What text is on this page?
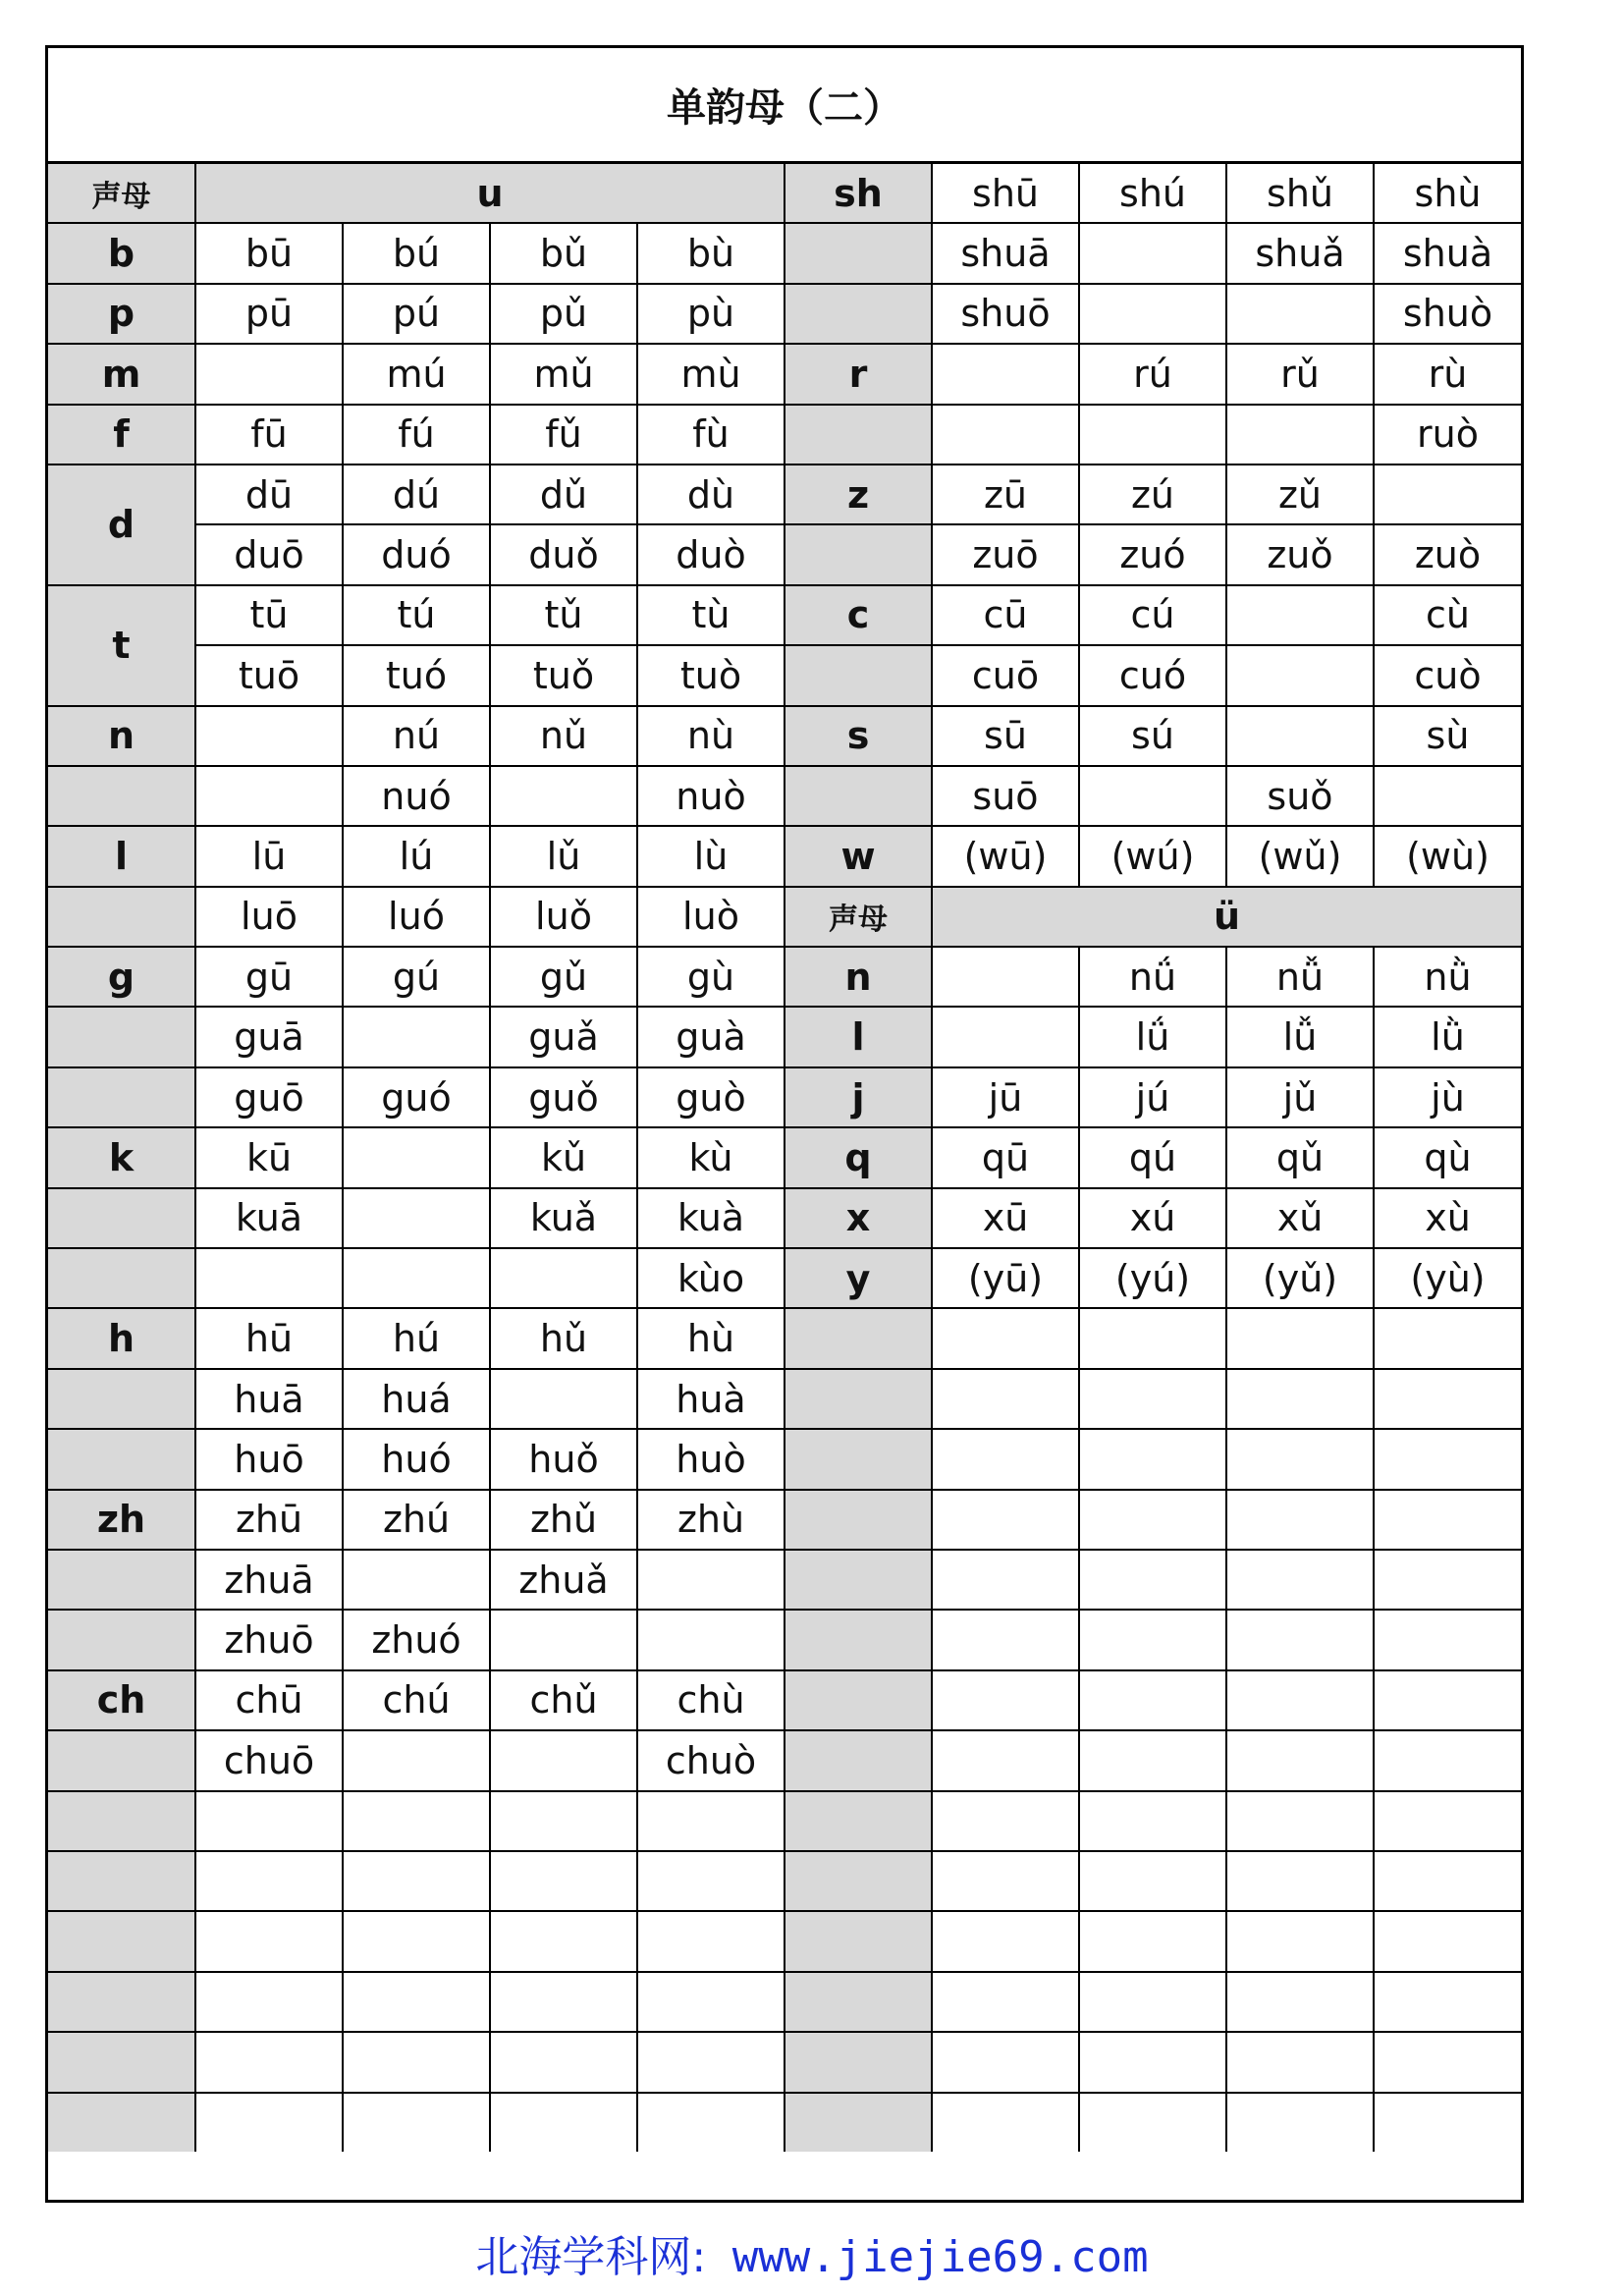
单韵母（二）
声母	u				sh	shū	shú	shǔ	shù
b	bū	bú	bǔ	bù		shuā		shuǎ	shuà
p	pū	pú	pǔ	pù		shuō			shuò
m		mú	mǔ	mù	r		rú	rǔ	rù
f	fū	fú	fǔ	fù					ruò
d	dū	dú	dǔ	dù	z	zū	zú	zǔ	
	duō	duó	duǒ	duò		zuō	zuó	zuǒ	zuò
t	tū	tú	tǔ	tù	c	cū	cú		cù
	tuō	tuó	tuǒ	tuò		cuō	cuó		cuò
n		nú	nǔ	nù	s	sū	sú		sù
		nuó		nuò		suō		suǒ	
l	lū	lú	lǔ	lù	w	(wū)	(wú)	(wǔ)	(wù)
	luō	luó	luǒ	luò	声母	ü			
g	gū	gú	gǔ	gù	n		nǘ	nǚ	nǜ
	guā		guǎ	guà	l		lǘ	lǚ	lǜ
	guō	guó	guǒ	guò	j	jū	jú	jǔ	jù
k	kū		kǔ	kù	q	qū	qú	qǔ	qù
	kuā		kuǎ	kuà	x	xū	xú	xǔ	xù
				kùo	y	(yū)	(yú)	(yǔ)	(yù)
h	hū	hú	hǔ	hù					
	huā	huá		huà					
	huō	huó	huǒ	huò					
zh	zhū	zhú	zhǔ	zhù					
	zhuā		zhuǎ						
	zhuō	zhuó							
ch	chū	chú	chǔ	chù					
	chuō			chuò					

北海学科网: www.jiejie69.com
